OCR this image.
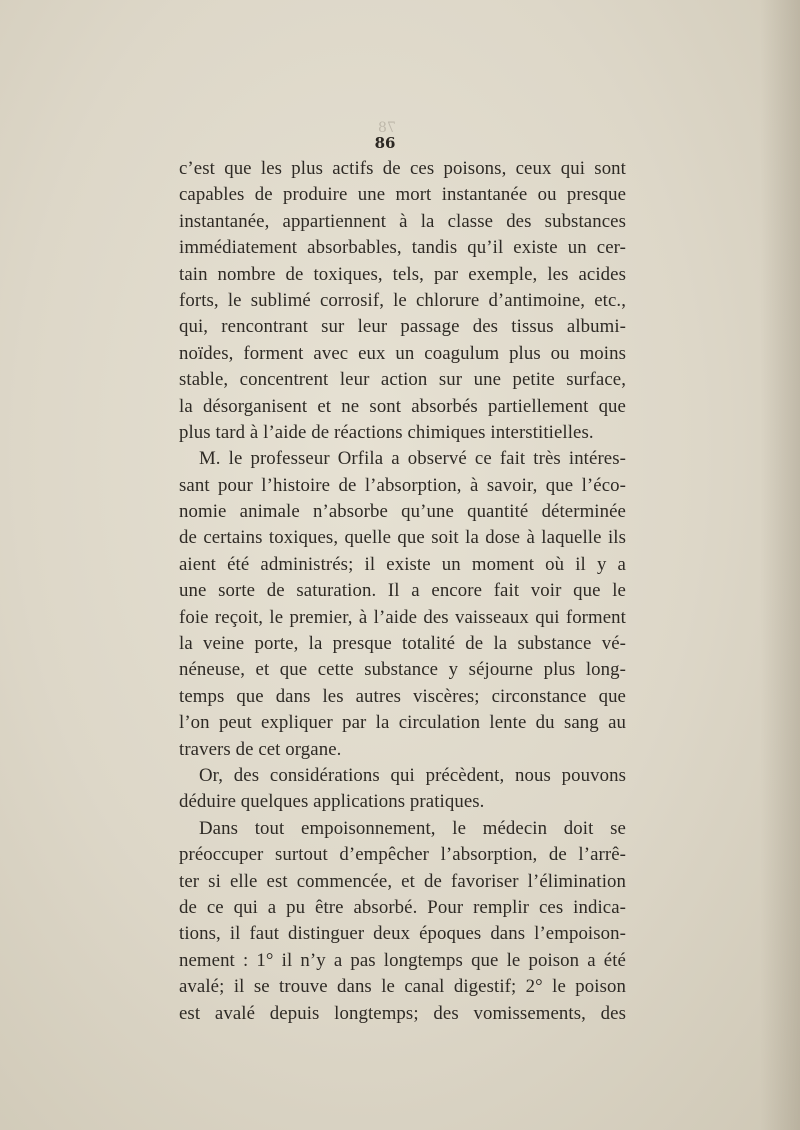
78
86
c’est que les plus actifs de ces poisons, ceux qui sont
capables de produire une mort instantanée ou presque
instantanée, appartiennent à la classe des substances
immédiatement absorbables, tandis qu’il existe un cer-
tain nombre de toxiques, tels, par exemple, les acides
forts, le sublimé corrosif, le chlorure d’antimoine, etc.,
qui, rencontrant sur leur passage des tissus albumi-
noïdes, forment avec eux un coagulum plus ou moins
stable, concentrent leur action sur une petite surface,
la désorganisent et ne sont absorbés partiellement que
plus tard à l’aide de réactions chimiques interstitielles.
M. le professeur Orfila a observé ce fait très intéres-
sant pour l’histoire de l’absorption, à savoir, que l’éco-
nomie animale n’absorbe qu’une quantité déterminée
de certains toxiques, quelle que soit la dose à laquelle ils
aient été administrés; il existe un moment où il y a
une sorte de saturation. Il a encore fait voir que le
foie reçoit, le premier, à l’aide des vaisseaux qui forment
la veine porte, la presque totalité de la substance vé-
néneuse, et que cette substance y séjourne plus long-
temps que dans les autres viscères; circonstance que
l’on peut expliquer par la circulation lente du sang au
travers de cet organe.
Or, des considérations qui précèdent, nous pouvons
déduire quelques applications pratiques.
Dans tout empoisonnement, le médecin doit se
préoccuper surtout d’empêcher l’absorption, de l’arrê-
ter si elle est commencée, et de favoriser l’élimination
de ce qui a pu être absorbé. Pour remplir ces indica-
tions, il faut distinguer deux époques dans l’empoison-
nement : 1° il n’y a pas longtemps que le poison a été
avalé; il se trouve dans le canal digestif; 2° le poison
est avalé depuis longtemps; des vomissements, des
